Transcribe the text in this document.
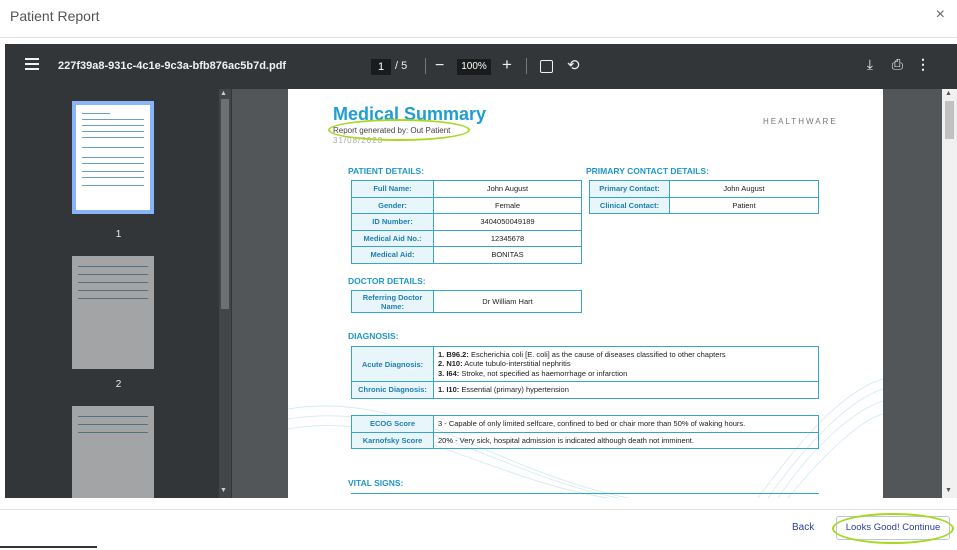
Patient Report	×
227f39a8-931c-4c1e-9c3a-bfb876ac5b7d.pdf	1 / 5 −	100% +	⟲	⤓ ⎙ ⋮
1
2
▲
▼
Medical Summary
Report generated by: Out Patient
31/08/2023
HEALTHWARE
· · · · · · · ·
PATIENT DETAILS:
Full Name:	John August
Gender:	Female
ID Number:	3404050049189
Medical Aid No.:	12345678
Medical Aid:	BONITAS
PRIMARY CONTACT DETAILS:
Primary Contact:	John August
Clinical Contact:	Patient
DOCTOR DETAILS:
Referring Doctor Name:	Dr William Hart
DIAGNOSIS:
Acute Diagnosis:	1. B96.2: Escherichia coli [E. coli] as the cause of diseases classified to other chapters
2. N10: Acute tubulo-interstitial nephritis
3. I64: Stroke, not specified as haemorrhage or infarction

Chronic Diagnosis:	1. I10: Essential (primary) hypertension
ECOG Score	3 - Capable of only limited selfcare, confined to bed or chair more than 50% of waking hours.
Karnofsky Score	20% - Very sick, hospital admission is indicated although death not imminent.
VITAL SIGNS:
▲
▼
Back	Looks Good! Continue
